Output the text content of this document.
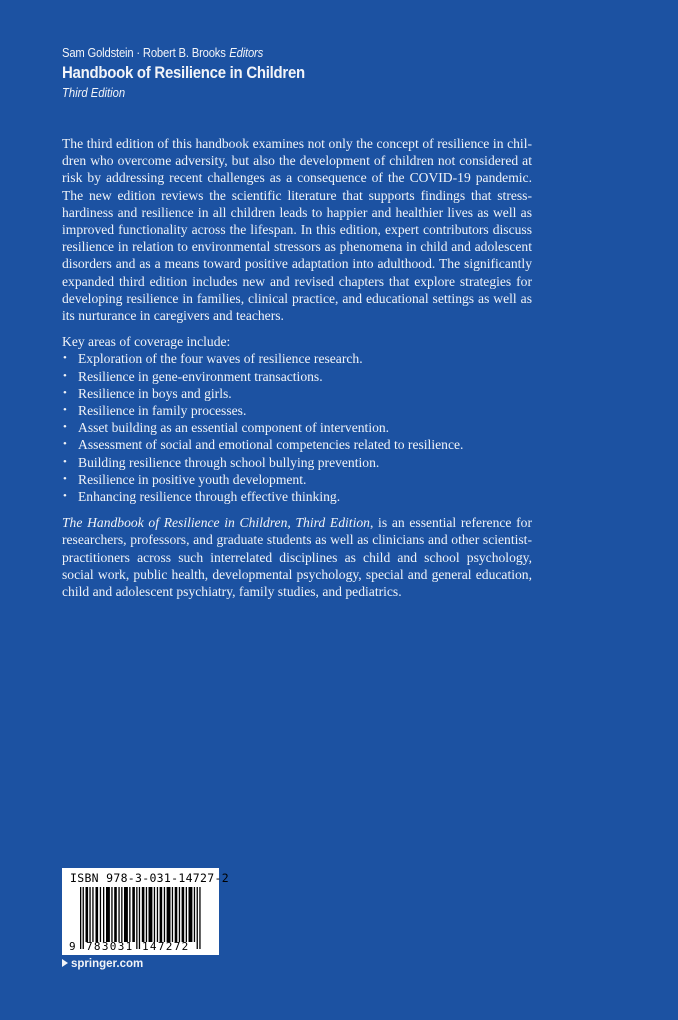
Sam Goldstein · Robert B. Brooks Editors
Handbook of Resilience in Children
Third Edition

The third edition of this handbook examines not only the concept of resilience in children who overcome adversity, but also the development of children not considered at risk by addressing recent challenges as a consequence of the COVID-19 pandemic. The new edition reviews the scientific literature that supports findings that stress-hardiness and resilience in all children leads to happier and healthier lives as well as improved functionality across the lifespan. In this edition, expert contributors discuss resilience in relation to environmental stressors as phenomena in child and adolescent disorders and as a means toward positive adaptation into adulthood. The significantly expanded third edition includes new and revised chapters that explore strategies for developing resilience in families, clinical practice, and educational settings as well as its nurturance in caregivers and teachers.

Key areas of coverage include:

• Exploration of the four waves of resilience research.
• Resilience in gene-environment transactions.
• Resilience in boys and girls.
• Resilience in family processes.
• Asset building as an essential component of intervention.
• Assessment of social and emotional competencies related to resilience.
• Building resilience through school bullying prevention.
• Resilience in positive youth development.
• Enhancing resilience through effective thinking.

The Handbook of Resilience in Children, Third Edition, is an essential reference for researchers, professors, and graduate students as well as clinicians and other scientist-practitioners across such interrelated disciplines as child and school psychology, social work, public health, developmental psychology, special and general education, child and adolescent psychiatry, family studies, and pediatrics.

ISBN 978-3-031-14727-2
9 783031 147272
springer.com
